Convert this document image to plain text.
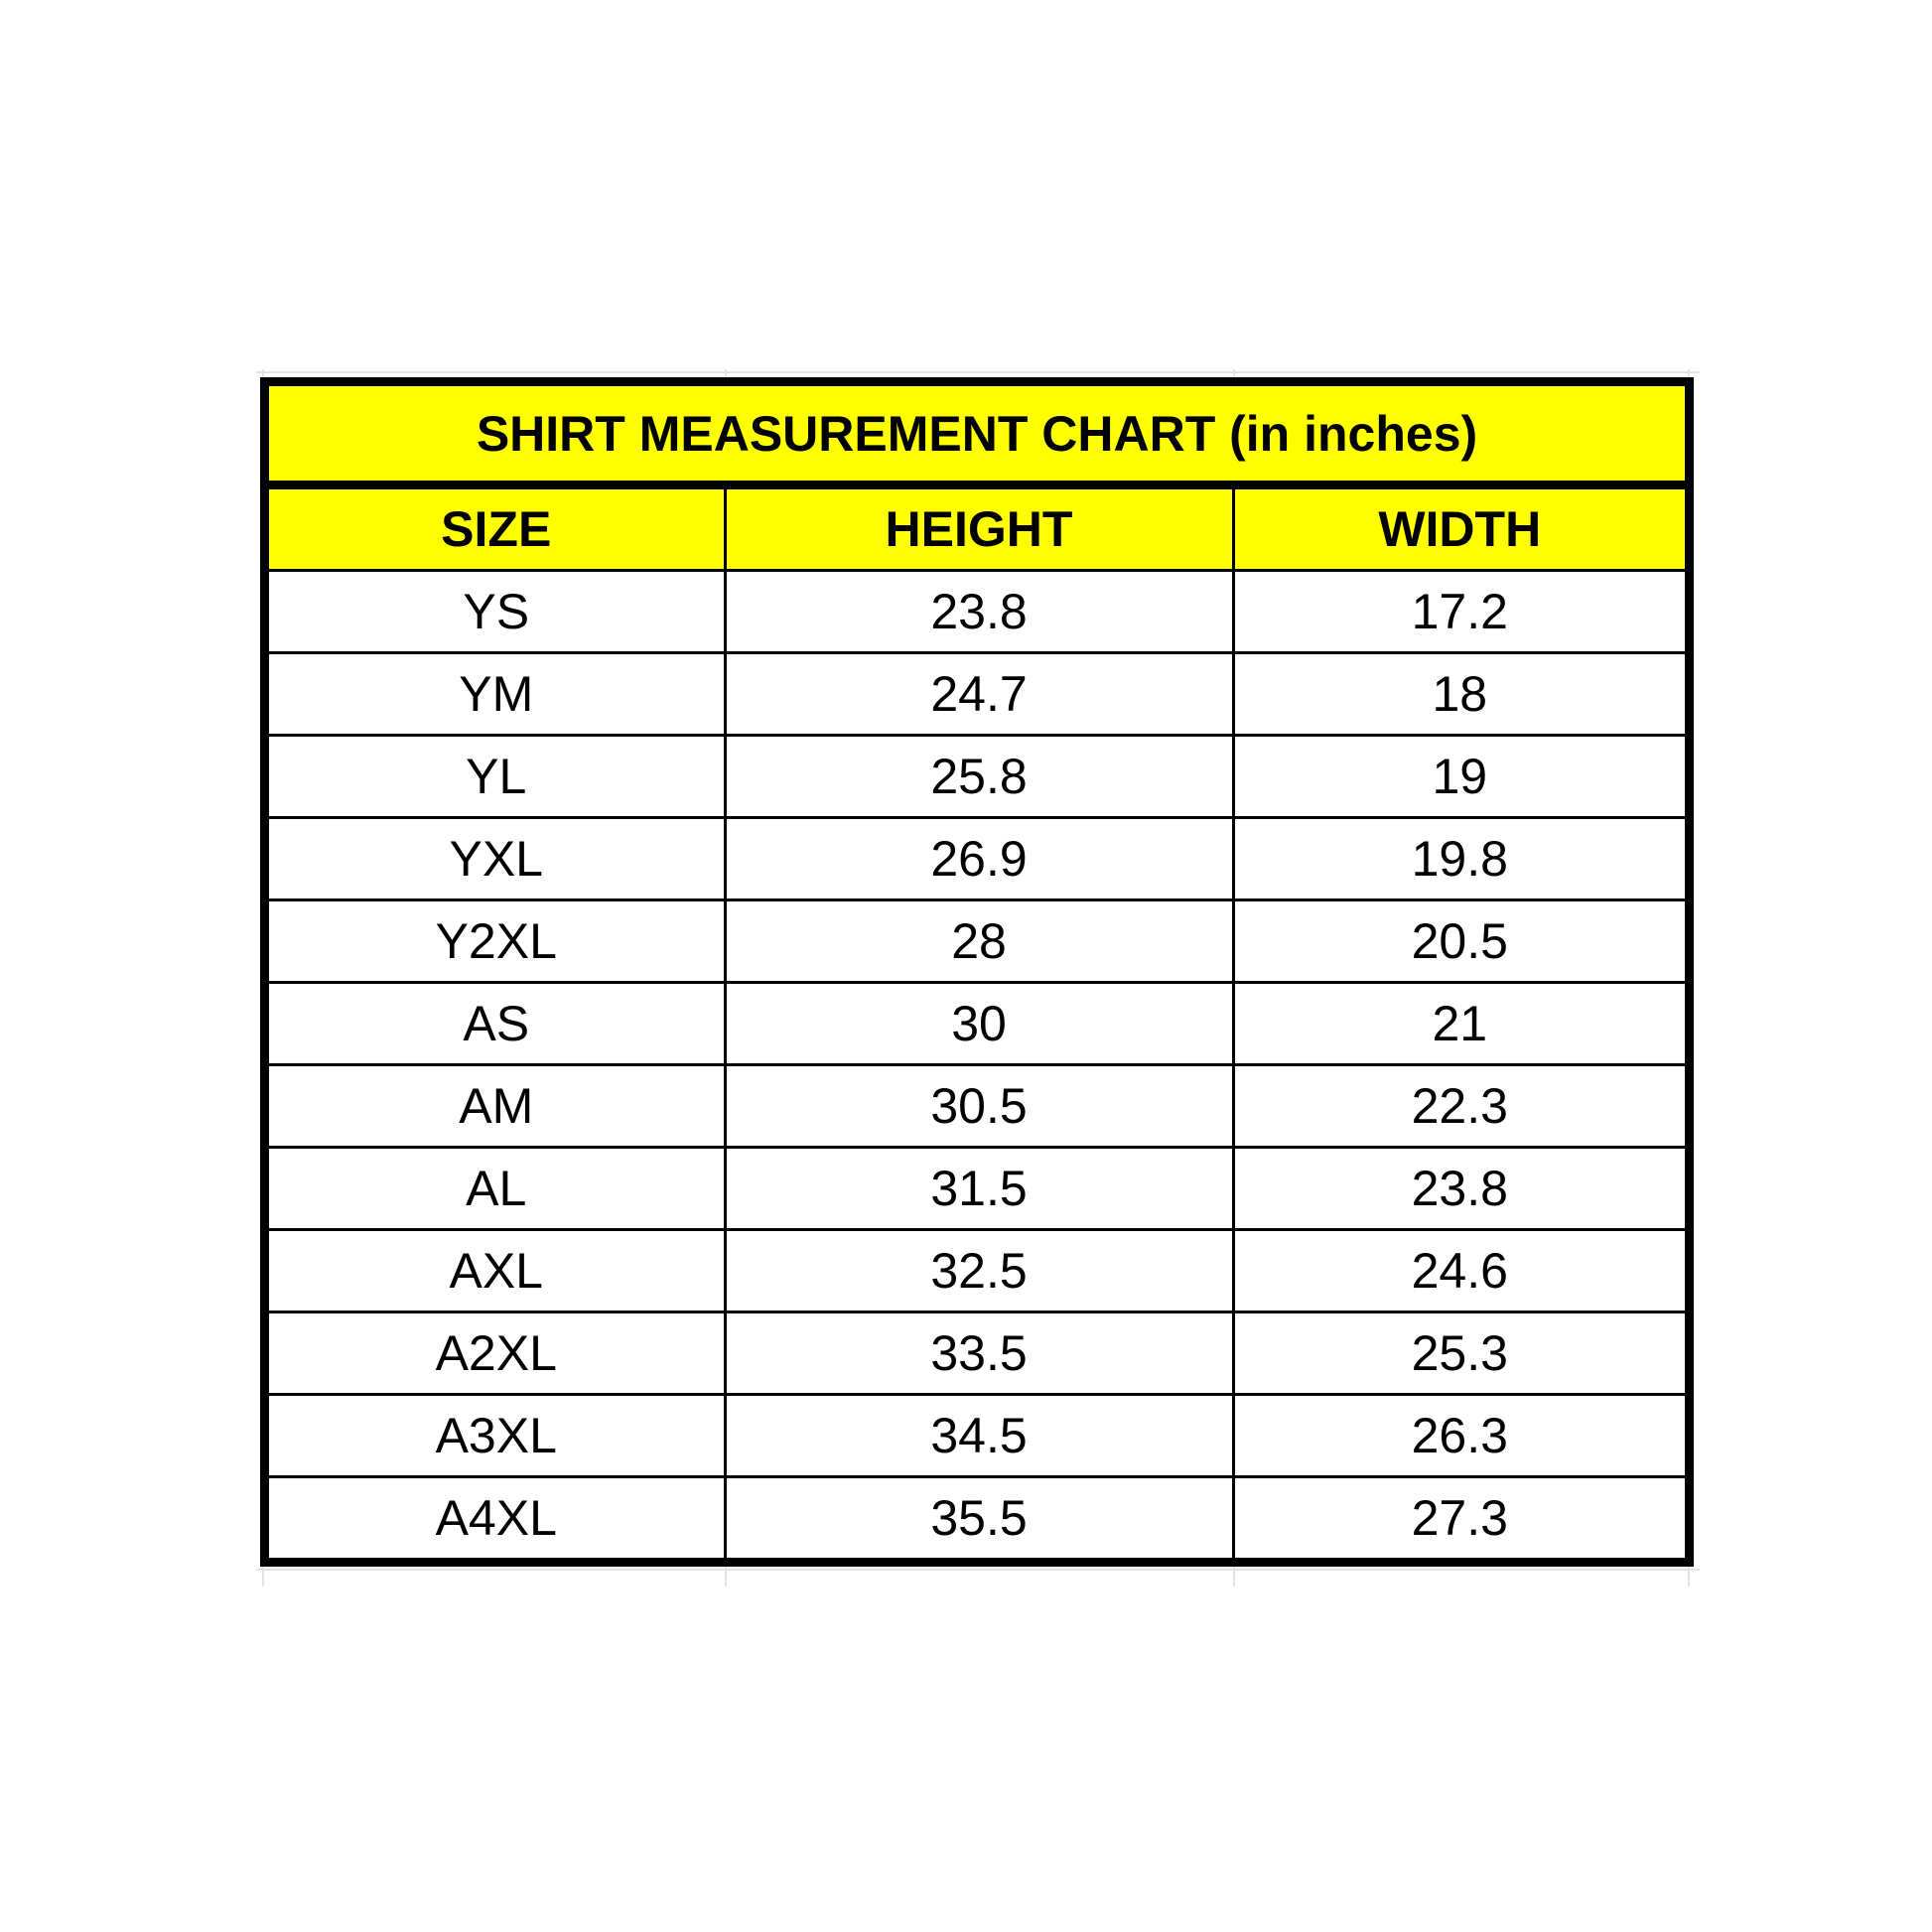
SHIRT MEASUREMENT CHART (in inches)		
SIZE	HEIGHT	WIDTH
YS	23.8	17.2
YM	24.7	18
YL	25.8	19
YXL	26.9	19.8
Y2XL	28	20.5
AS	30	21
AM	30.5	22.3
AL	31.5	23.8
AXL	32.5	24.6
A2XL	33.5	25.3
A3XL	34.5	26.3
A4XL	35.5	27.3
